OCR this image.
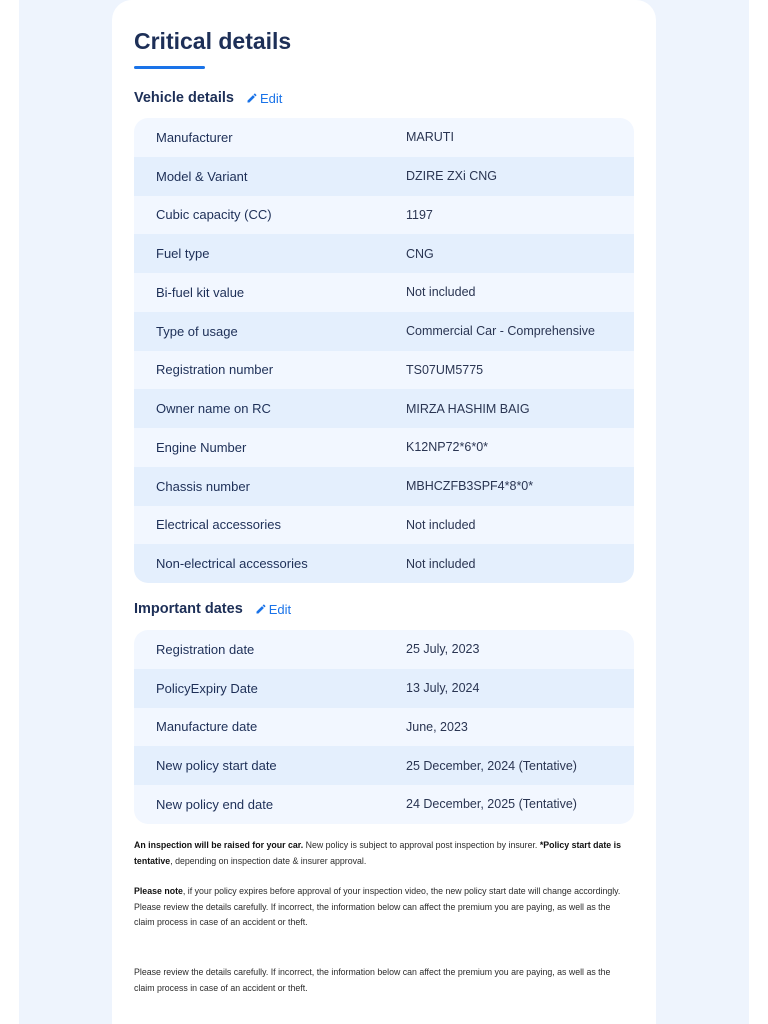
Critical details
Vehicle details Edit
Manufacturer	MARUTI
Model & Variant	DZIRE ZXi CNG
Cubic capacity (CC)	1197
Fuel type	CNG
Bi-fuel kit value	Not included
Type of usage	Commercial Car - Comprehensive
Registration number	TS07UM5775
Owner name on RC	MIRZA HASHIM BAIG
Engine Number	K12NP72*6*0*
Chassis number	MBHCZFB3SPF4*8*0*
Electrical accessories	Not included
Non-electrical accessories	Not included
Important dates Edit
Registration date	25 July, 2023
PolicyExpiry Date	13 July, 2024
Manufacture date	June, 2023
New policy start date	25 December, 2024 (Tentative)
New policy end date	24 December, 2025 (Tentative)

An inspection will be raised for your car. New policy is subject to approval post inspection by insurer. *Policy start date is tentative, depending on inspection date & insurer approval.

Please note, if your policy expires before approval of your inspection video, the new policy start date will change accordingly. Please review the details carefully. If incorrect, the information below can affect the premium you are paying, as well as the claim process in case of an accident or theft.

Please review the details carefully. If incorrect, the information below can affect the premium you are paying, as well as the claim process in case of an accident or theft.
